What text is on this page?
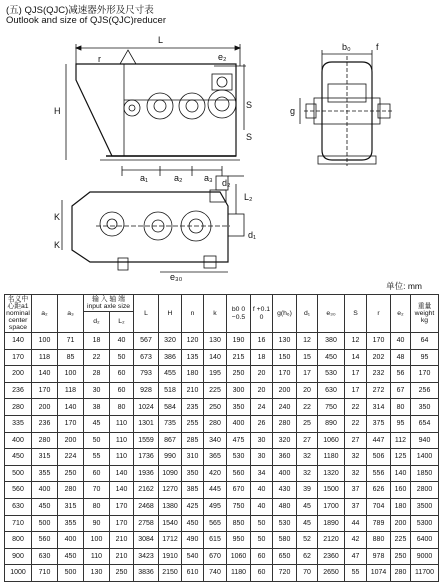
(五) QJS(QJC)减速器外形及尺寸表
Outlook and size of QJS(QJC)reducer
L
r
H
e₂
S
S
a₁	a₂ a₃
b₀	f
g
d₂
L₂
K
K
d₁
e₃₀
单位: mm
名义中心距a1 nominal center space	a₂	a₃	输 入 轴 端 input axle size		L	H	n	k	b0 0 −0.5	f +0.1 0	g(h₆)	d₁	e₃₀	S	r	e₂	重量 weight kg

			d₂	L₂													
140	100	71	18	40	567	320	120	130	190	16	130	12	380	12	170	40	64
170	118	85	22	50	673	386	135	140	215	18	150	15	450	14	202	48	95
200	140	100	28	60	793	455	180	195	250	20	170	17	530	17	232	56	170
236	170	118	30	60	928	518	210	225	300	20	200	20	630	17	272	67	256
280	200	140	38	80	1024	584	235	250	350	24	240	22	750	22	314	80	350
335	236	170	45	110	1301	735	255	280	400	26	280	25	890	22	375	95	654
400	280	200	50	110	1559	867	285	340	475	30	320	27	1060	27	447	112	940
450	315	224	55	110	1736	990	310	365	530	30	360	32	1180	32	506	125	1400
500	355	250	60	140	1936	1090	350	420	560	34	400	32	1320	32	556	140	1850
560	400	280	70	140	2162	1270	385	445	670	40	430	39	1500	37	626	160	2800
630	450	315	80	170	2468	1380	425	495	750	40	480	45	1700	37	704	180	3500
710	500	355	90	170	2758	1540	450	565	850	50	530	45	1890	44	789	200	5300
800	560	400	100	210	3084	1712	490	615	950	50	580	52	2120	42	880	225	6400
900	630	450	110	210	3423	1910	540	670	1060	60	650	62	2360	47	978	250	9000
1000	710	500	130	250	3836	2150	610	740	1180	60	720	70	2650	55	1074	280	11700
